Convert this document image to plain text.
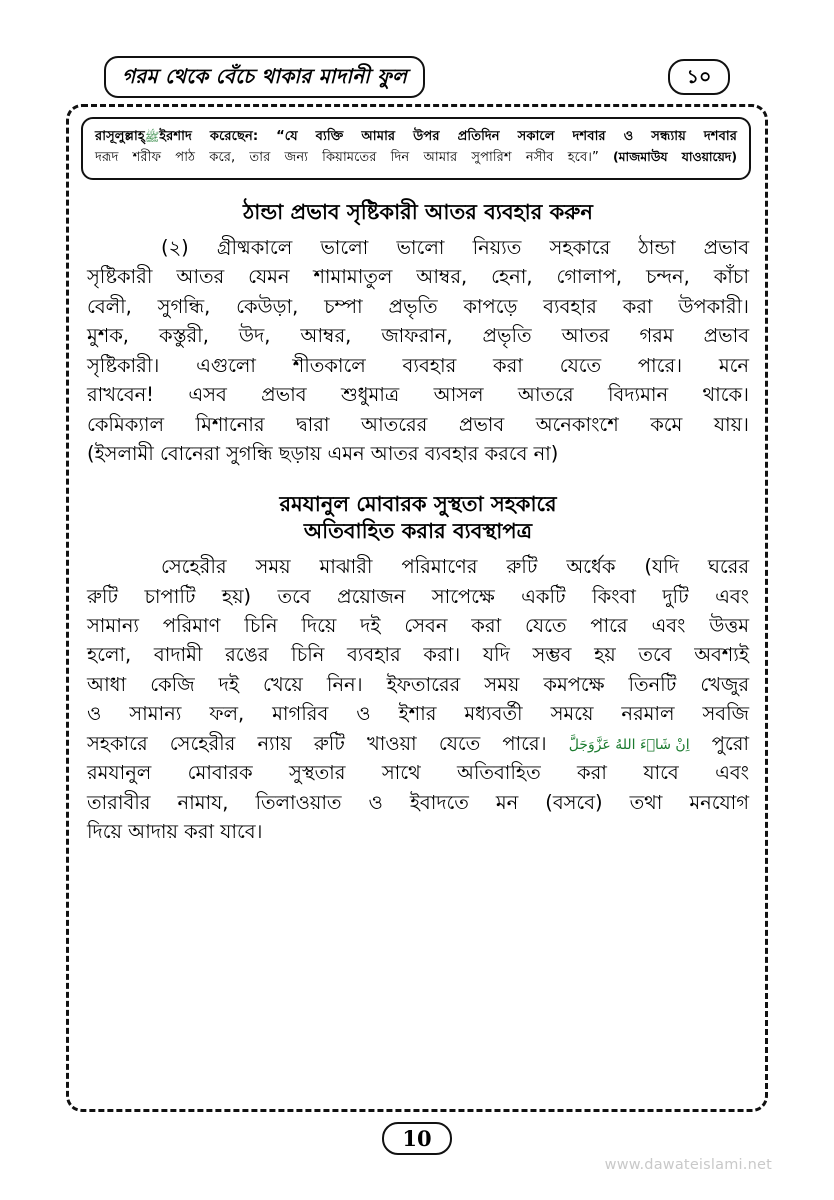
গরম থেকে বেঁচে থাকার মাদানী ফুল	১০
রাসূলুল্লাহ্‌ﷺইরশাদ করেছেন: “যে ব্যক্তি আমার উপর প্রতিদিন সকালে দশবার ও সন্ধ্যায় দশবার
দরূদ শরীফ পাঠ করে, তার জন্য কিয়ামতের দিন আমার সুপারিশ নসীব হবে।” (মাজমাউয যাওয়ায়েদ)
ঠান্ডা প্রভাব সৃষ্টিকারী আতর ব্যবহার করুন
(২) গ্রীষ্মকালে ভালো ভালো নিয়্যত সহকারে ঠান্ডা প্রভাব
সৃষ্টিকারী আতর যেমন শামামাতুল আম্বর, হেনা, গোলাপ, চন্দন, কাঁচা
বেলী, সুগন্ধি, কেউড়া, চম্পা প্রভৃতি কাপড়ে ব্যবহার করা উপকারী।
মুশক, কস্তুরী, উদ, আম্বর, জাফরান, প্রভৃতি আতর গরম প্রভাব
সৃষ্টিকারী। এগুলো শীতকালে ব্যবহার করা যেতে পারে। মনে
রাখবেন! এসব প্রভাব শুধুমাত্র আসল আতরে বিদ্যমান থাকে।
কেমিক্যাল মিশানোর দ্বারা আতরের প্রভাব অনেকাংশে কমে যায়।
(ইসলামী বোনেরা সুগন্ধি ছড়ায় এমন আতর ব্যবহার করবে না)
রমযানুল মোবারক সুস্থতা সহকারে
অতিবাহিত করার ব্যবস্থাপত্র
সেহেরীর সময় মাঝারী পরিমাণের রুটি অর্ধেক (যদি ঘরের
রুটি চাপাটি হয়) তবে প্রয়োজন সাপেক্ষে একটি কিংবা দুটি এবং
সামান্য পরিমাণ চিনি দিয়ে দই সেবন করা যেতে পারে এবং উত্তম
হলো, বাদামী রঙের চিনি ব্যবহার করা। যদি সম্ভব হয় তবে অবশ্যই
আধা কেজি দই খেয়ে নিন। ইফতারের সময় কমপক্ষে তিনটি খেজুর
ও সামান্য ফল, মাগরিব ও ইশার মধ্যবর্তী সময়ে নরমাল সবজি
সহকারে সেহেরীর ন্যায় রুটি খাওয়া যেতে পারে। اِنْ شَاۤءَ اللهُ عَزَّوَجَلَّ পুরো
রমযানুল মোবারক সুস্থতার সাথে অতিবাহিত করা যাবে এবং
তারাবীর নামায, তিলাওয়াত ও ইবাদতে মন (বসবে) তথা মনযোগ
দিয়ে আদায় করা যাবে।
10
www.dawateislami.net
